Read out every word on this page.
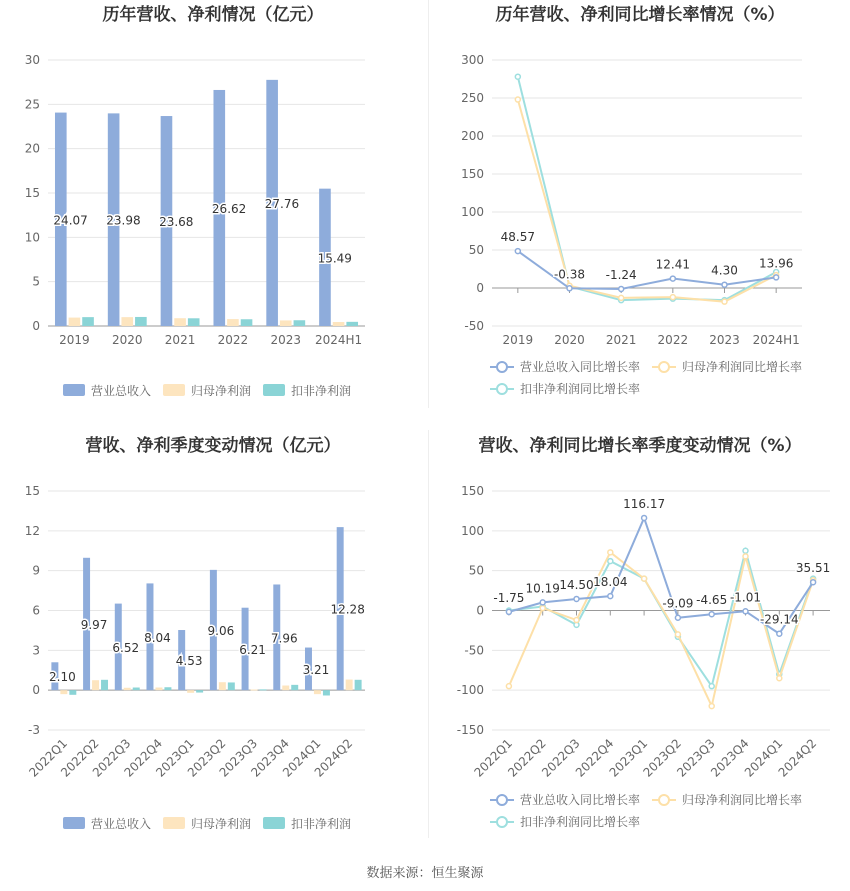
历年营收、净利情况（亿元）
0
5
10
15
20
25
30
2019 2020 2021 2022 2023 2024H1
24.07 23.98 23.68
26.62 27.76
15.49
营业总收入	归母净利润	扣非净利润
历年营收、净利同比增长率情况（%）
-50
0
50
100
150
200
250
300
2019 2020 2021 2022 2023 2024H1
48.57
-0.38 -1.24
12.41 4.30
13.96
营业总收入同比增长率	归母净利润同比增长率
扣非净利润同比增长率
营收、净利季度变动情况（亿元）
-3
0
3
6
9
12
15
2022Q1
2022Q2
2022Q3
2022Q4
2023Q1
2023Q2
2023Q3
2023Q4
2024Q1
2024Q2
2.10
9.97
6.52
8.04
4.53
9.06
6.21
7.96
3.21
12.28
营业总收入	归母净利润	扣非净利润
营收、净利同比增长率季度变动情况（%）
-150
-100
-50
0
50
100
150
2022Q1
2022Q2
2022Q3
2022Q4
2023Q1
2023Q2
2023Q3
2023Q4
2024Q1
2024Q2
-1.75
10.19 14.50 18.04
116.17
-9.09 -4.65 -1.01
-29.14
35.51
营业总收入同比增长率	归母净利润同比增长率
扣非净利润同比增长率
数据来源：恒生聚源
